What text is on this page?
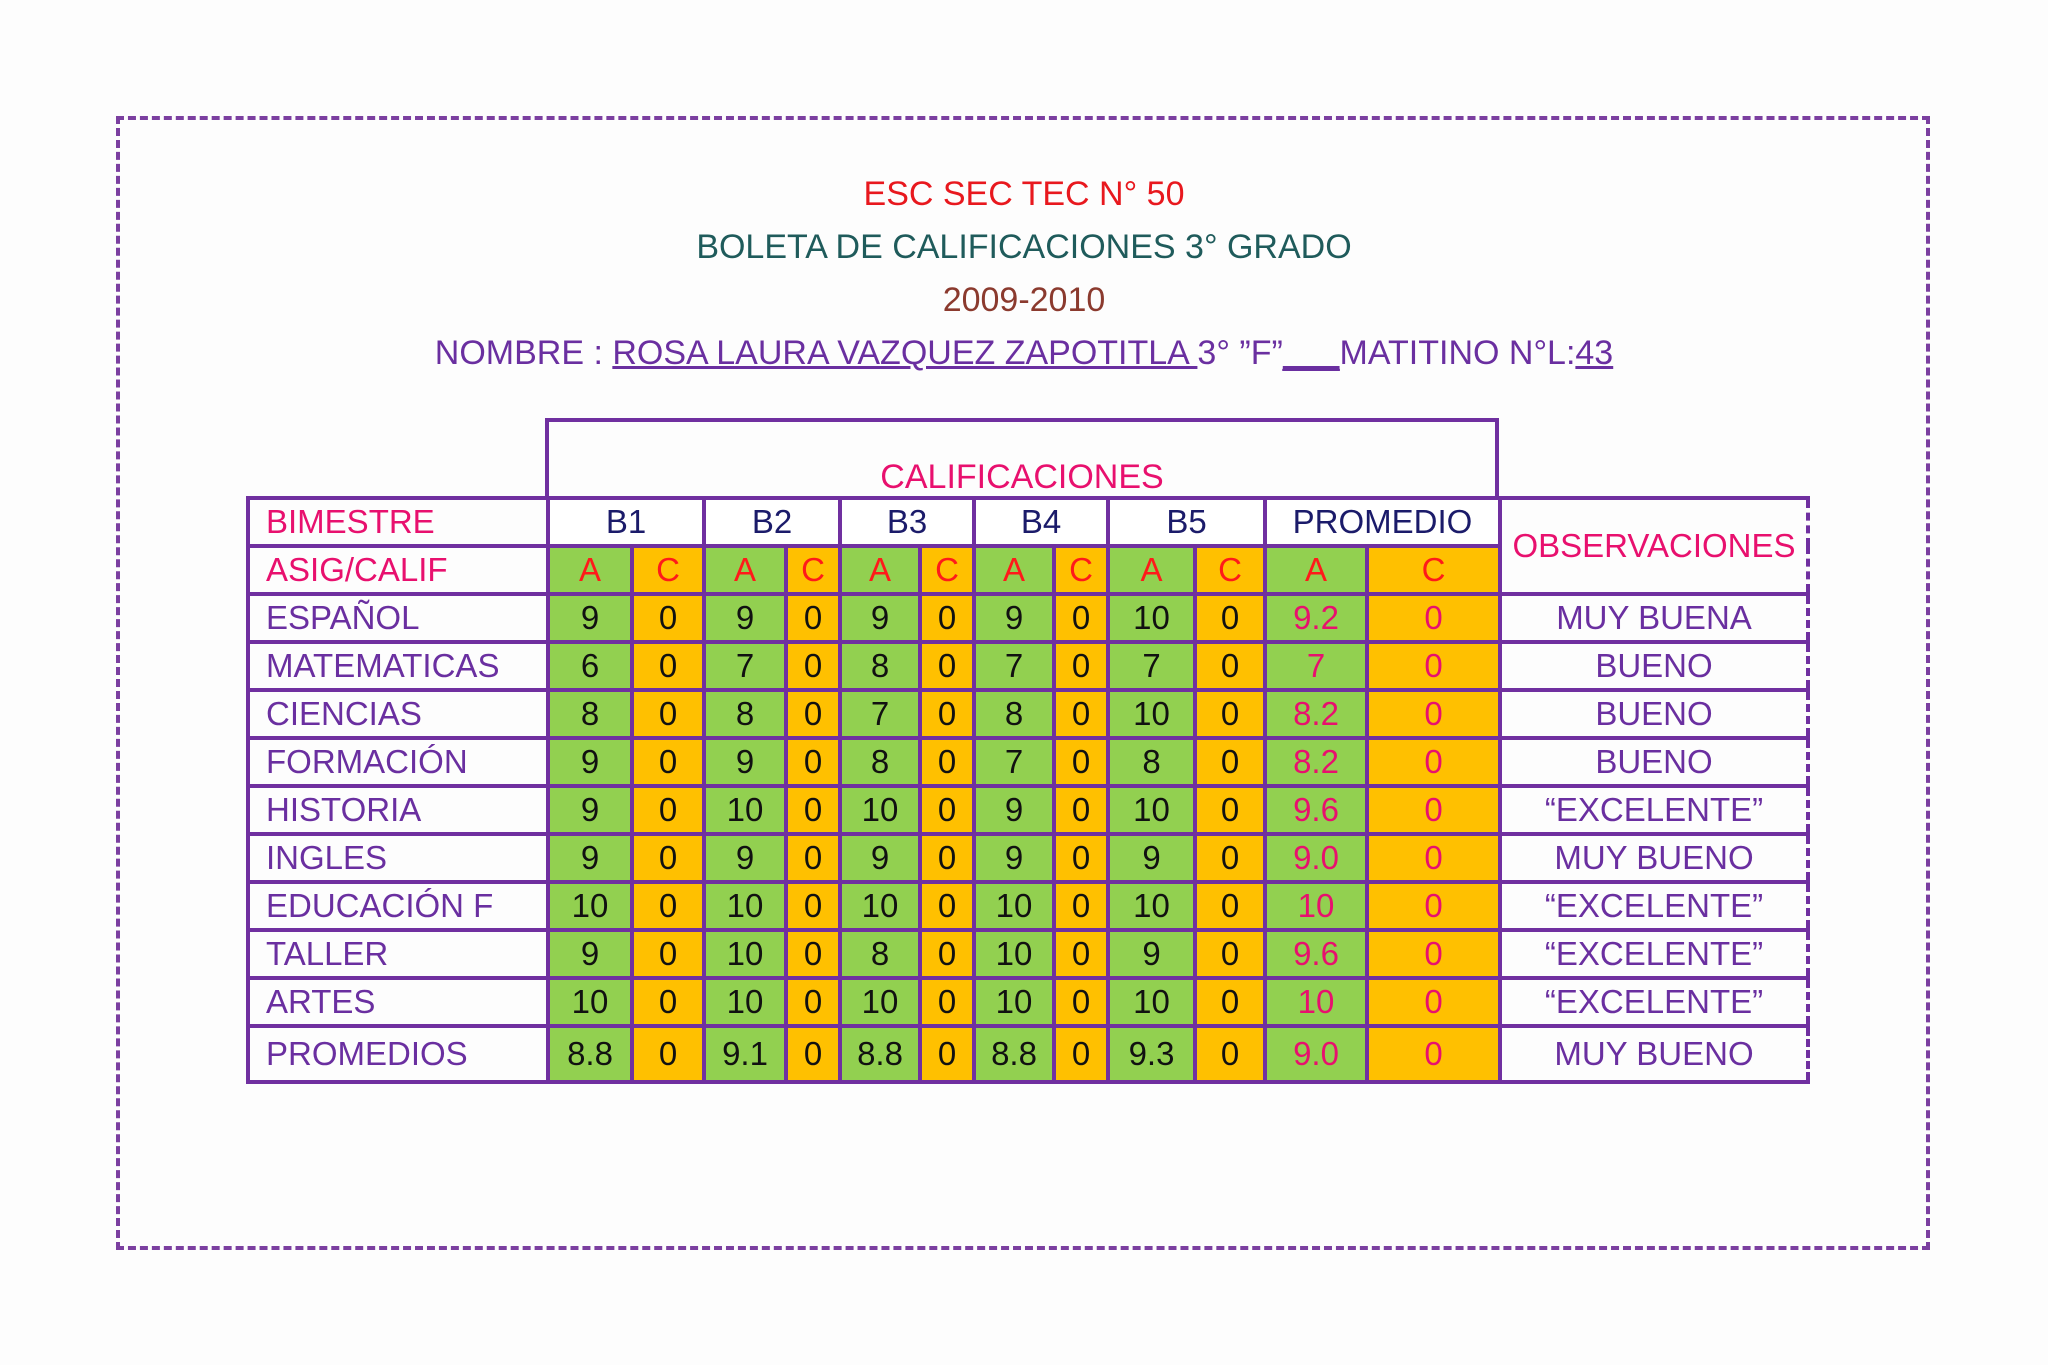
ESC SEC TEC N° 50
BOLETA DE CALIFICACIONES 3° GRADO
2009-2010
NOMBRE : ROSA LAURA VAZQUEZ ZAPOTITLA 3° ”F”___MATITINO N°L:43
CALIFICACIONES
BIMESTRE	B1		B2		B3		B4		B5		PROMEDIO		OBSERVACIONES
ASIG/CALIF	A	C	A	C	A	C	A	C	A	C	A	C	
ESPAÑOL	9	0	9	0	9	0	9	0	10	0	9.2	0	MUY BUENA
MATEMATICAS	6	0	7	0	8	0	7	0	7	0	7	0	BUENO
CIENCIAS	8	0	8	0	7	0	8	0	10	0	8.2	0	BUENO
FORMACIÓN	9	0	9	0	8	0	7	0	8	0	8.2	0	BUENO
HISTORIA	9	0	10	0	10	0	9	0	10	0	9.6	0	“EXCELENTE”
INGLES	9	0	9	0	9	0	9	0	9	0	9.0	0	MUY BUENO
EDUCACIÓN F	10	0	10	0	10	0	10	0	10	0	10	0	“EXCELENTE”
TALLER	9	0	10	0	8	0	10	0	9	0	9.6	0	“EXCELENTE”
ARTES	10	0	10	0	10	0	10	0	10	0	10	0	“EXCELENTE”
PROMEDIOS	8.8	0	9.1	0	8.8	0	8.8	0	9.3	0	9.0	0	MUY BUENO
